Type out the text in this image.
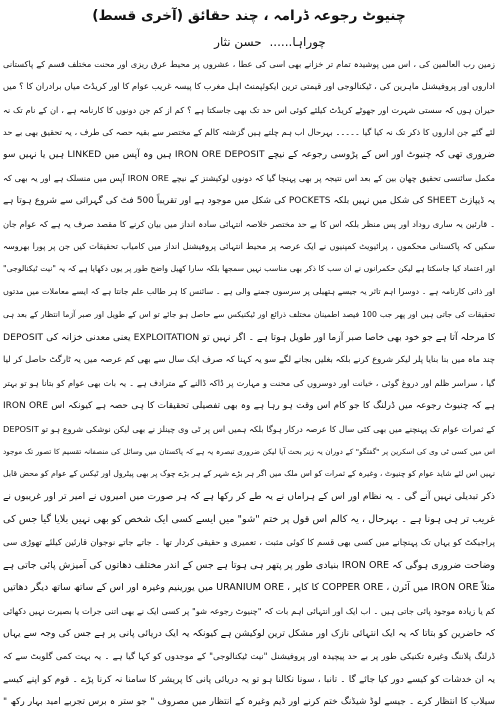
چنیوٹ رجوعہ ڈرامہ ، چند حقائق (آخری قسط)
چوراہا...... حسن نثار
زمین رب العالمین کی ، اس میں پوشیدہ تمام تر خزانے بھی اسی کی عطا ، عشروں پر محیط عرق ریزی اور محنت مختلف قسم کے پاکستانی
اداروں اور پروفیشنل ماہرین کی ، ٹیکنالوجی اور قیمتی ترین ایکوئپمنٹ اہل مغرب کا پیسہ غریب عوام کا اور کریڈٹ میاں برادران کا ؟ میں
حیران ہوں کہ سستی شہرت اور جھوٹے کریڈٹ کیلئے کوئی اس حد تک بھی جاسکتا ہے ؟ کم از کم جن دونوں کا کارنامہ ہے ، ان کے نام تک نہ
لئے گئے جن اداروں کا ذکر تک نہ کیا گیا ۔۔۔۔۔ بہرحال اب ہم چلتے ہیں گزشتہ کالم کے مختصر سے بقیہ حصہ کی طرف ، یہ تحقیق بھی بے حد
ضروری تھی کہ چنیوٹ اور اس کے پڑوسی رجوعہ کے نیچے IRON ORE DEPOSIT ہیں وہ آپس میں LINKED ہیں یا نہیں سو
مکمل سائنسی تحقیق چھان بین کے بعد اس نتیجہ پر بھی پہنچا گیا کہ دونوں لوکیشنز کے نیچے IRON ORE آپس میں منسلک ہے اور یہ بھی کہ
یہ ڈیپازٹ SHEET کی شکل میں نہیں بلکہ POCKETS کی شکل میں موجود ہے اور تقریباً 500 فٹ کی گہرائی سے شروع ہوتا ہے
۔ قارئین یہ ساری روداد اور پس منظر بلکہ اس کا بے حد مختصر خلاصہ انتہائی سادہ انداز میں بیان کرنے کا مقصد صرف یہ ہے کہ عوام جان
سکیں کہ پاکستانی محکموں ، پرائیویٹ کمپنیوں نے ایک عرصہ پر محیط انتہائی پروفیشنل انداز میں کامیاب تحقیقات کیں جن پر پورا بھروسہ
اور اعتماد کیا جاسکتا ہے لیکن حکمرانوں نے ان سب کا ذکر بھی مناسب نہیں سمجھا بلکہ سارا کھیل واضح طور پر یوں دکھایا ہے کہ یہ "نیت ٹیکنالوجی"
اور ذاتی کارنامہ ہے ۔ دوسرا اہم تاثر یہ جیسے ہتھیلی پر سرسوں جمنے والی ہے ۔ سائنس کا ہر طالب علم جانتا ہے کہ ایسے معاملات میں مدتوں
تحقیقات کی جاتی ہیں اور پھر جب 100 فیصد اطمینان مختلف ذرائع اور ٹیکنیکس سے حاصل ہو جائے تو اس کے طویل اور صبر آزما انتظار کے بعد ہی
DEPOSIT یعنی معدنی خزانہ کی EXPLOITATION کا مرحلہ آتا ہے جو خود بھی خاصا صبر آزما اور طویل ہوتا ہے ۔ اگر نہیں تو
چند ماہ میں بنا بنایا پلر لیکر شروع کرنے بلکہ بغلیں بجانے لگے سو یہ کہنا کہ صرف ایک سال سے بھی کم عرصہ میں یہ ٹارگٹ حاصل کر لیا
گیا ، سراسر ظلم اور دروغ گوئی ، خیانت اور دوسروں کی محنت و مہارت پر ڈاکہ ڈالنے کے مترادف ہے ۔ یہ بات بھی عوام کو بتانا ہو تو بہتر
ہے کہ چنیوٹ رجوعہ میں ڈرلنگ کا جو کام اس وقت ہو رہا ہے وہ بھی تفصیلی تحقیقات کا ہی حصہ ہے کیونکہ اس IRON ORE
DEPOSIT کے ثمرات عوام تک پہنچنے میں بھی کئی سال کا عرصہ درکار ہوگا بلکہ ہمیں اس پر ٹی وی چینلز نے بھی لیکن نوشکی شروع ہو تو
اس میں کسی ٹی وی کی اسکرین پر "گفتگو" کے دوران یہ زیر بحث آیا لیکن ضروری تبصرہ یہ ہے کہ پاکستان میں وسائل کی منصفانہ تقسیم کا تصور تک موجود
نہیں اس لئے شاید عوام کو چنیوٹ ، وغیرہ کے ثمرات کو اس ملک میں اگر ہر بڑے شہر کے ہر بڑے چوک پر بھی پیٹرول اور ٹیکس کے عوام کو محض قابل
ذکر تبدیلی نہیں آنے گی ۔ یہ نظام اور اس کے ہراماں نے یہ طے کر رکھا ہے کہ ہر صورت میں امیروں نے امیر تر اور غریبوں نے
غریب تر ہی ہونا ہے ۔ بہرحال ، یہ کالم اس قول پر ختم "شو" میں ایسے کسی ایک شخص کو بھی نہیں بلایا گیا جس کی
پراجیکٹ کو یہاں تک پہنچانے میں کسی بھی قسم کا کوئی مثبت ، تعمیری و حقیقی کردار تھا ۔ جاتے جاتے نوجوان قارئین کیلئے تھوڑی سی
وضاحت ضروری ہوگی کہ IRON ORE بنیادی طور پر پتھر ہی ہوتا ہے جس کے اندر مختلف دھاتوں کی آمیزش پائی جاتی ہے
مثلاً IRON ORE میں آئرن ، COPPER ORE کا کاپر ، URANIUM ORE میں یورینیم وغیرہ اور اس کے ساتھ ساتھ دیگر دھاتیں
کم یا زیادہ موجود پائی جاتی ہیں ۔ اب ایک اور انتہائی اہم بات کہ "چنیوٹ رجوعہ شو" پر کسی ایک نے بھی اتنی جرات یا بصیرت نہیں دکھائی
کہ حاضرین کو بتاتا کہ یہ ایک انتہائی نازک اور مشکل ترین لوکیشن ہے کیونکہ یہ ایک دریائی پانی پر ہے جس کی وجہ سے یہاں
ڈرلنگ پلاننگ وغیرہ تکنیکی طور پر بے حد پیچیدہ اور پروفیشنل "نیت ٹیکنالوجی" کے موجدوں کو کہا گیا ہے ۔ یہ بہت کمی گلوبٹ سے کہ
یہ ان خدشات کو کیسے دور کیا جائے گا ۔ تانبا ، سونا نکالنا ہو تو یہ دریائی پانی کا پریشر کا سامنا نہ کرنا پڑے ۔ قوم کو اپنے کیسے
سیلاب کا انتظار کرے ۔ جیسے لوڈ شیڈنگ ختم کرنے اور ڈیم وغیرہ کے انتظار میں مصروف " جو ستر ہ برس تجربے امید بہار رکھ "
